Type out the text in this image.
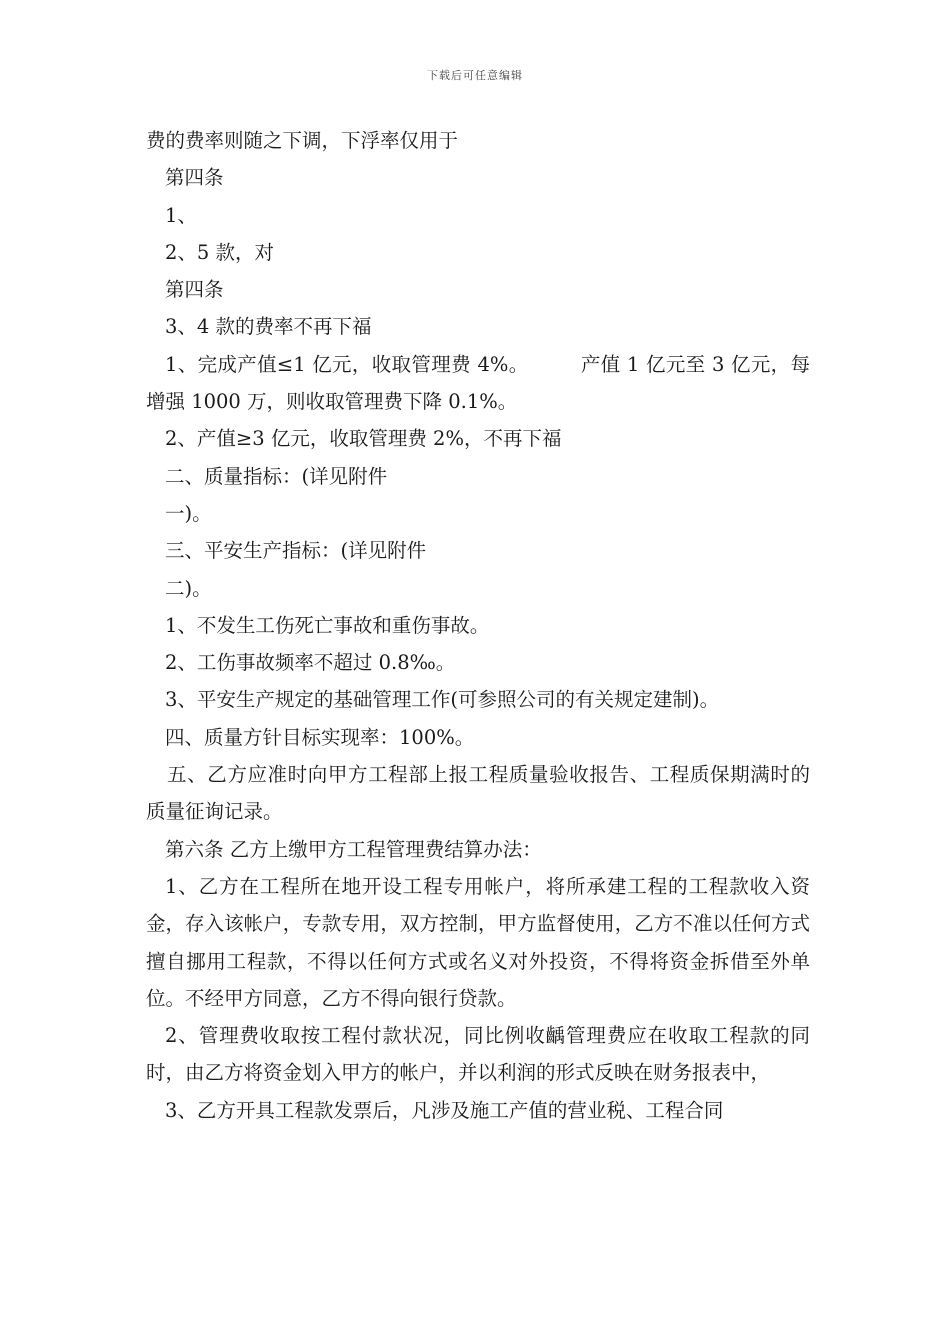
下载后可任意编辑

费的费率则随之下调，下浮率仅用于

第四条

1、

2、5 款，对

第四条

3、4 款的费率不再下福

1、完成产值≤1 亿元，收取管理费 4%。        产值 1 亿元至 3 亿元，每增强 1000 万，则收取管理费下降 0.1%。

2、产值≥3 亿元，收取管理费 2%，不再下福

二、质量指标：(详见附件

一)。

三、平安生产指标：(详见附件

二)。

1、不发生工伤死亡事故和重伤事故。

2、工伤事故频率不超过 0.8‰。

3、平安生产规定的基础管理工作(可参照公司的有关规定建制)。

四、质量方针目标实现率：100%。

五、乙方应准时向甲方工程部上报工程质量验收报告、工程质保期满时的质量征询记录。

第六条 乙方上缴甲方工程管理费结算办法：

1、乙方在工程所在地开设工程专用帐户，将所承建工程的工程款收入资金，存入该帐户，专款专用，双方控制，甲方监督使用，乙方不准以任何方式擅自挪用工程款，不得以任何方式或名义对外投资，不得将资金拆借至外单位。不经甲方同意，乙方不得向银行贷款。

2、管理费收取按工程付款状况，同比例收齲管理费应在收取工程款的同时，由乙方将资金划入甲方的帐户，并以利润的形式反映在财务报表中，

3、乙方开具工程款发票后，凡涉及施工产值的营业税、工程合同
